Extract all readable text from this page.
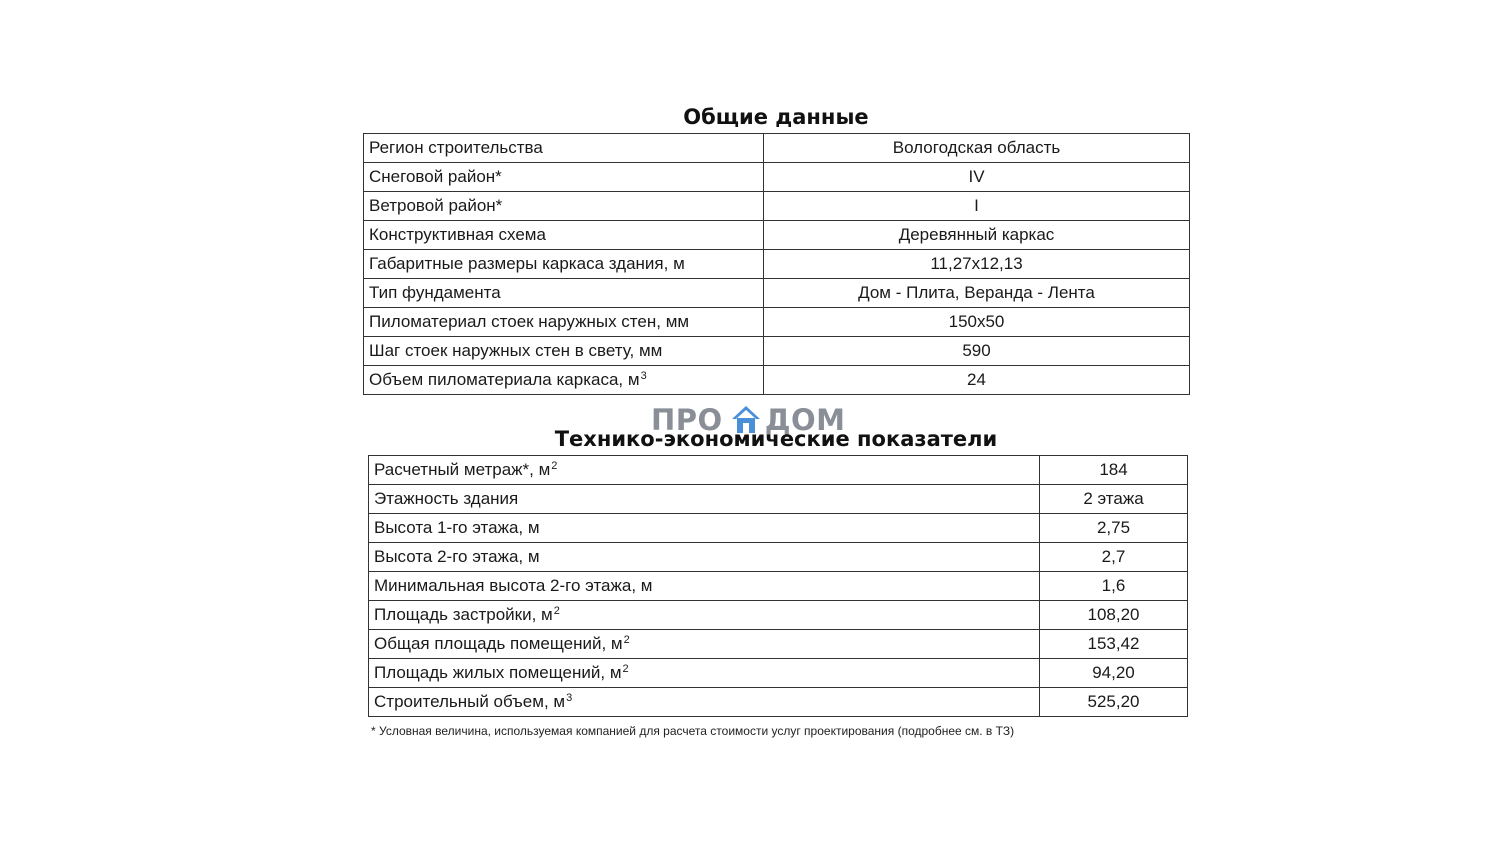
Общие данные
Регион строительства	Вологодская область
Снеговой район*	IV
Ветровой район*	I
Конструктивная схема	Деревянный каркас
Габаритные размеры каркаса здания, м	11,27х12,13
Тип фундамента	Дом - Плита, Веранда - Лента
Пиломатериал стоек наружных стен, мм	150х50
Шаг стоек наружных стен в свету, мм	590
Объем пиломатериала каркаса, $м^3$	24
ПРО ДОМ
Технико-экономические показатели
Расчетный метраж*, $м^2$	184
Этажность здания	2 этажа
Высота 1-го этажа, м	2,75
Высота 2-го этажа, м	2,7
Минимальная высота 2-го этажа, м	1,6
Площадь застройки, $м^2$	108,20
Общая площадь помещений, $м^2$	153,42
Площадь жилых помещений, $м^2$	94,20
Строительный объем, $м^3$	525,20
* Условная величина, используемая компанией для расчета стоимости услуг проектирования (подробнее см. в ТЗ)
